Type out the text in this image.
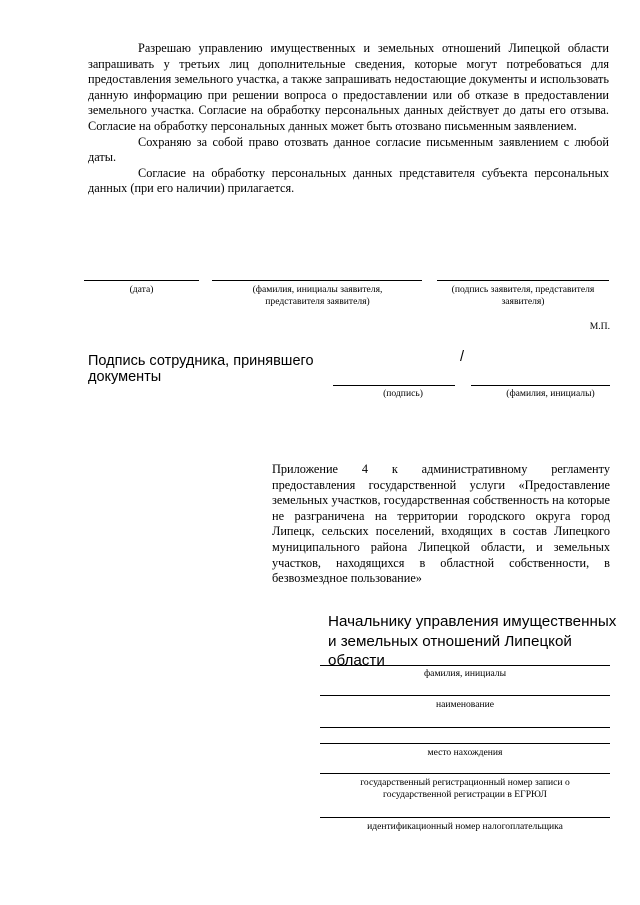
Разрешаю управлению имущественных и земельных отношений Липецкой области запрашивать у третьих лиц дополнительные сведения, которые могут потребоваться для предоставления земельного участка, а также запрашивать недостающие документы и использовать данную информацию при решении вопроса о предоставлении или об отказе в предоставлении земельного участка. Согласие на обработку персональных данных действует до даты его отзыва. Согласие на обработку персональных данных может быть отозвано письменным заявлением.

Сохраняю за собой право отозвать данное согласие письменным заявлением с любой даты.

Согласие на обработку персональных данных представителя субъекта персональных данных (при его наличии) прилагается.

(дата)	(фамилия, инициалы заявителя, представителя заявителя)
(подпись заявителя, представителя заявителя)
М.П.
Подпись сотрудника, принявшего документы
/
(подпись)	(фамилия, инициалы)
Приложение 4 к административному регламенту предоставления государственной услуги «Предоставление земельных участков, государственная собственность на которые не разграничена на территории городского округа город Липецк, сельских поселений, входящих в состав Липецкого муниципального района Липецкой области, и земельных участков, находящихся в областной собственности, в безвозмездное пользование»
Начальнику управления имущественных и земельных отношений Липецкой области
фамилия, инициалы
наименование
место нахождения
государственный регистрационный номер записи о государственной регистрации в ЕГРЮЛ
идентификационный номер налогоплательщика
